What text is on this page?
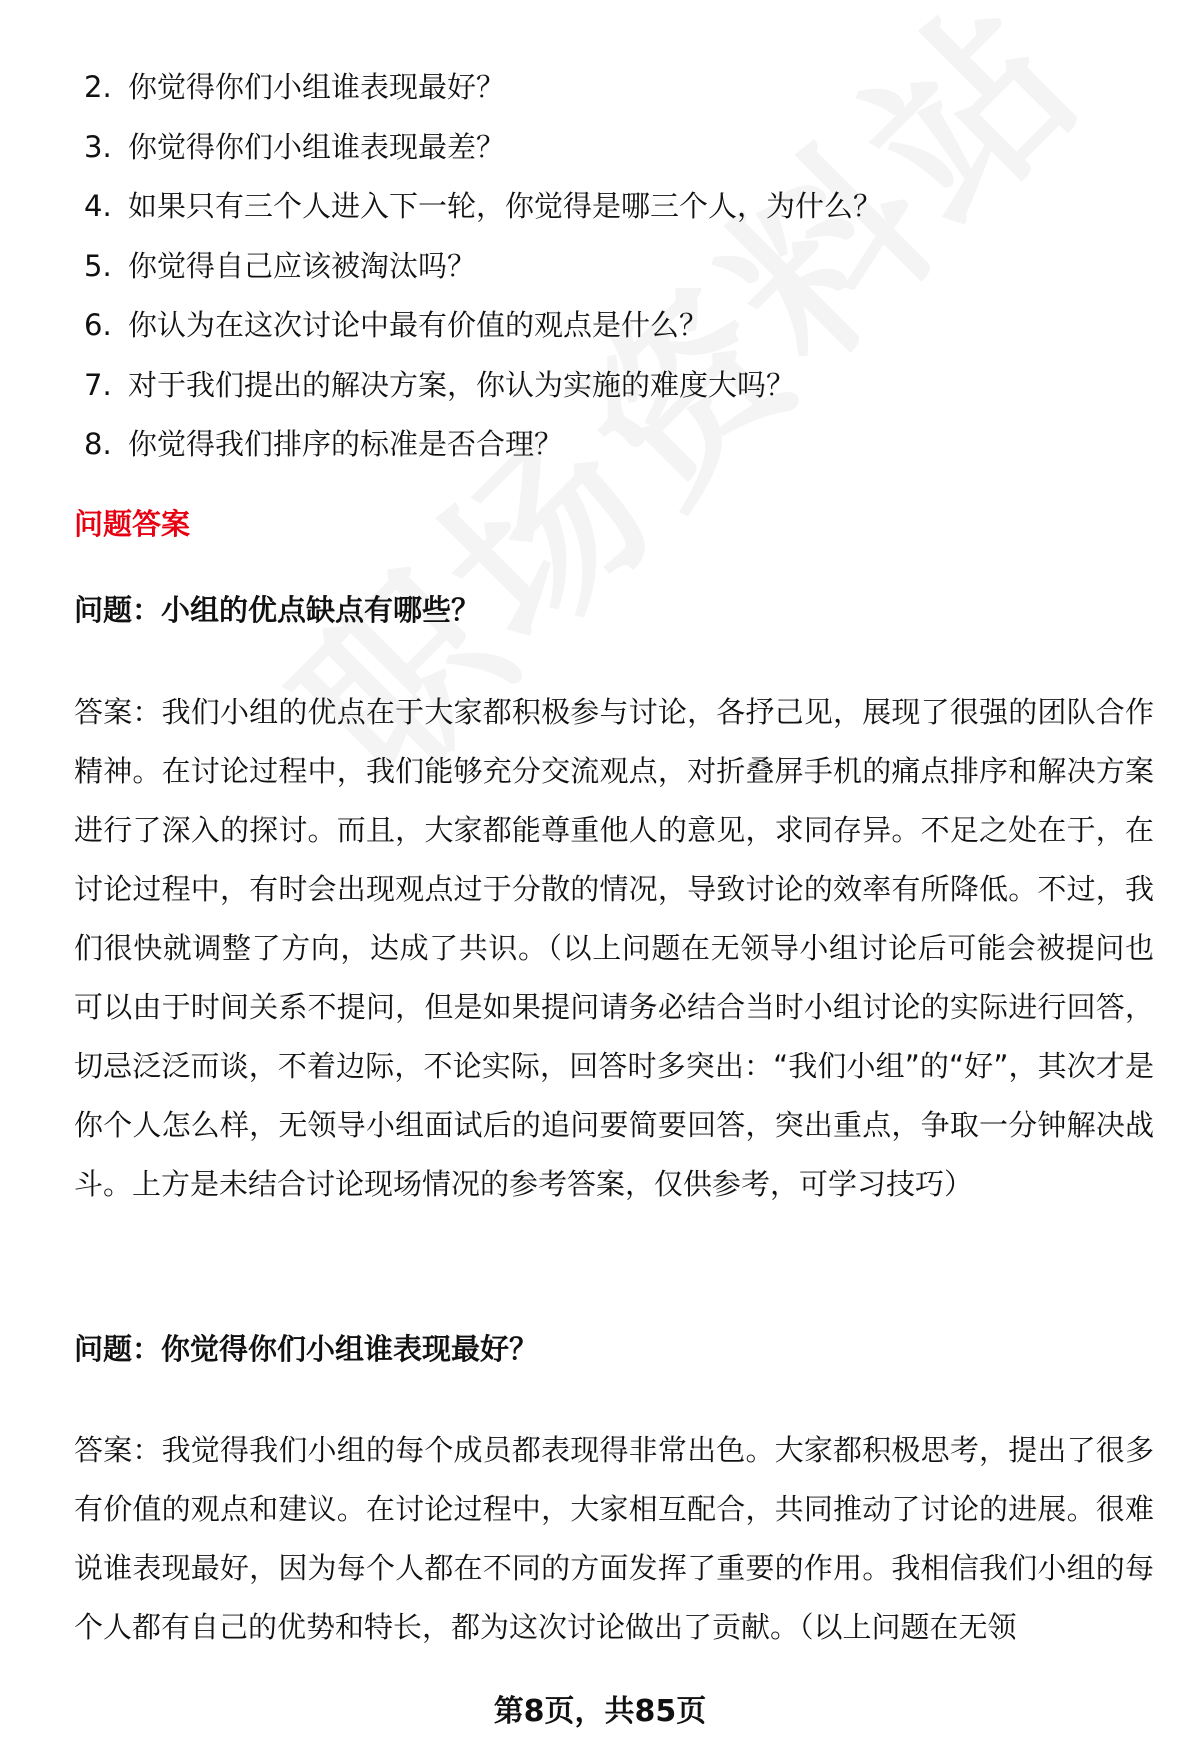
2. 你觉得你们小组谁表现最好？
3. 你觉得你们小组谁表现最差？
4. 如果只有三个人进入下一轮，你觉得是哪三个人，为什么？
5. 你觉得自己应该被淘汰吗？
6. 你认为在这次讨论中最有价值的观点是什么？
7. 对于我们提出的解决方案，你认为实施的难度大吗？
8. 你觉得我们排序的标准是否合理？
问题答案
问题：小组的优点缺点有哪些？
答案：我们小组的优点在于大家都积极参与讨论，各抒己见，展现了很强的团队合作精神。在讨论过程中，我们能够充分交流观点，对折叠屏手机的痛点排序和解决方案进行了深入的探讨。而且，大家都能尊重他人的意见，求同存异。不足之处在于，在讨论过程中，有时会出现观点过于分散的情况，导致讨论的效率有所降低。不过，我们很快就调整了方向，达成了共识。（以上问题在无领导小组讨论后可能会被提问也可以由于时间关系不提问，但是如果提问请务必结合当时小组讨论的实际进行回答，切忌泛泛而谈，不着边际，不论实际，回答时多突出：“我们小组”的“好”，其次才是你个人怎么样，无领导小组面试后的追问要简要回答，突出重点，争取一分钟解决战斗。上方是未结合讨论现场情况的参考答案，仅供参考，可学习技巧）
问题：你觉得你们小组谁表现最好？
答案：我觉得我们小组的每个成员都表现得非常出色。大家都积极思考，提出了很多有价值的观点和建议。在讨论过程中，大家相互配合，共同推动了讨论的进展。很难说谁表现最好，因为每个人都在不同的方面发挥了重要的作用。我相信我们小组的每个人都有自己的优势和特长，都为这次讨论做出了贡献。（以上问题在无领
第8页，共85页
